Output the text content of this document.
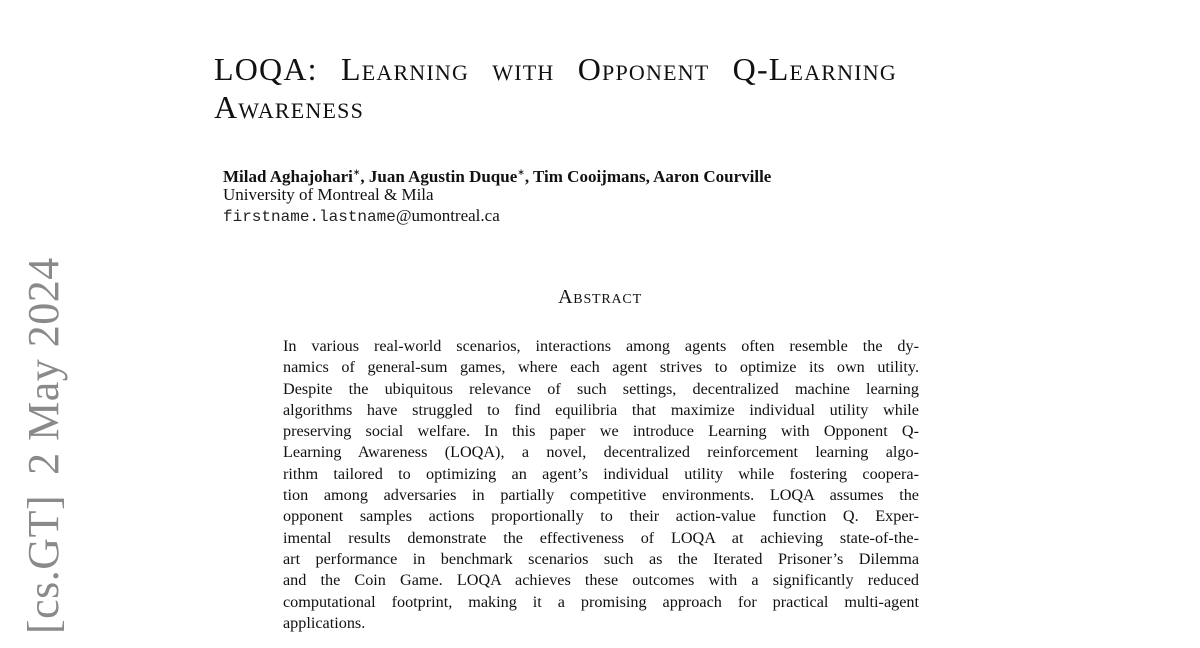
[cs.GT]2 May 2024
LOQA: Learning with Opponent Q-Learning
Awareness
Milad Aghajohari∗, Juan Agustin Duque∗, Tim Cooijmans, Aaron Courville
University of Montreal & Mila
firstname.lastname@umontreal.ca
Abstract
In various real-world scenarios, interactions among agents often resemble the dy-
namics of general-sum games, where each agent strives to optimize its own utility.
Despite the ubiquitous relevance of such settings, decentralized machine learning
algorithms have struggled to find equilibria that maximize individual utility while
preserving social welfare. In this paper we introduce Learning with Opponent Q-
Learning Awareness (LOQA), a novel, decentralized reinforcement learning algo-
rithm tailored to optimizing an agent’s individual utility while fostering coopera-
tion among adversaries in partially competitive environments. LOQA assumes the
opponent samples actions proportionally to their action-value function Q. Exper-
imental results demonstrate the effectiveness of LOQA at achieving state-of-the-
art performance in benchmark scenarios such as the Iterated Prisoner’s Dilemma
and the Coin Game. LOQA achieves these outcomes with a significantly reduced
computational footprint, making it a promising approach for practical multi-agent
applications.
